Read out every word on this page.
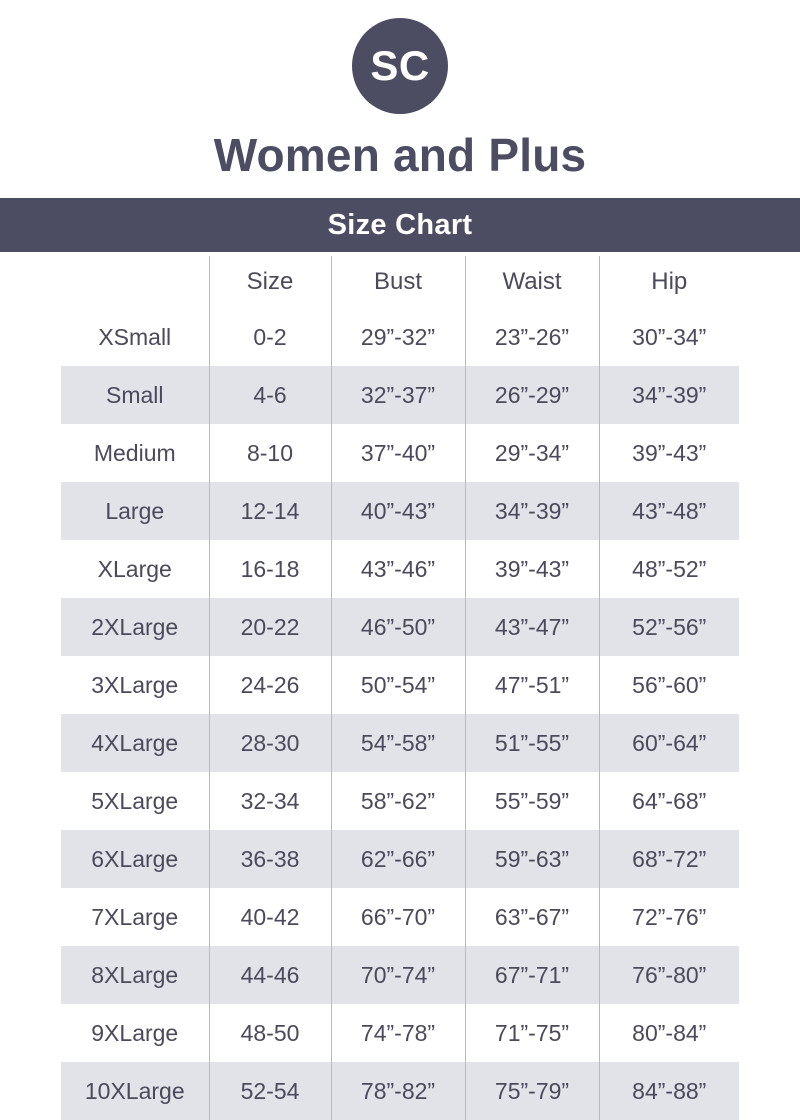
SC
Women and Plus
Size Chart
	Size	Bust	Waist	Hip
XSmall	0-2	29”-32”	23”-26”	30”-34”
Small	4-6	32”-37”	26”-29”	34”-39”
Medium	8-10	37”-40”	29”-34”	39”-43”
Large	12-14	40”-43”	34”-39”	43”-48”
XLarge	16-18	43”-46”	39”-43”	48”-52”
2XLarge	20-22	46”-50”	43”-47”	52”-56”
3XLarge	24-26	50”-54”	47”-51”	56”-60”
4XLarge	28-30	54”-58”	51”-55”	60”-64”
5XLarge	32-34	58”-62”	55”-59”	64”-68”
6XLarge	36-38	62”-66”	59”-63”	68”-72”
7XLarge	40-42	66”-70”	63”-67”	72”-76”
8XLarge	44-46	70”-74”	67”-71”	76”-80”
9XLarge	48-50	74”-78”	71”-75”	80”-84”
10XLarge	52-54	78”-82”	75”-79”	84”-88”
